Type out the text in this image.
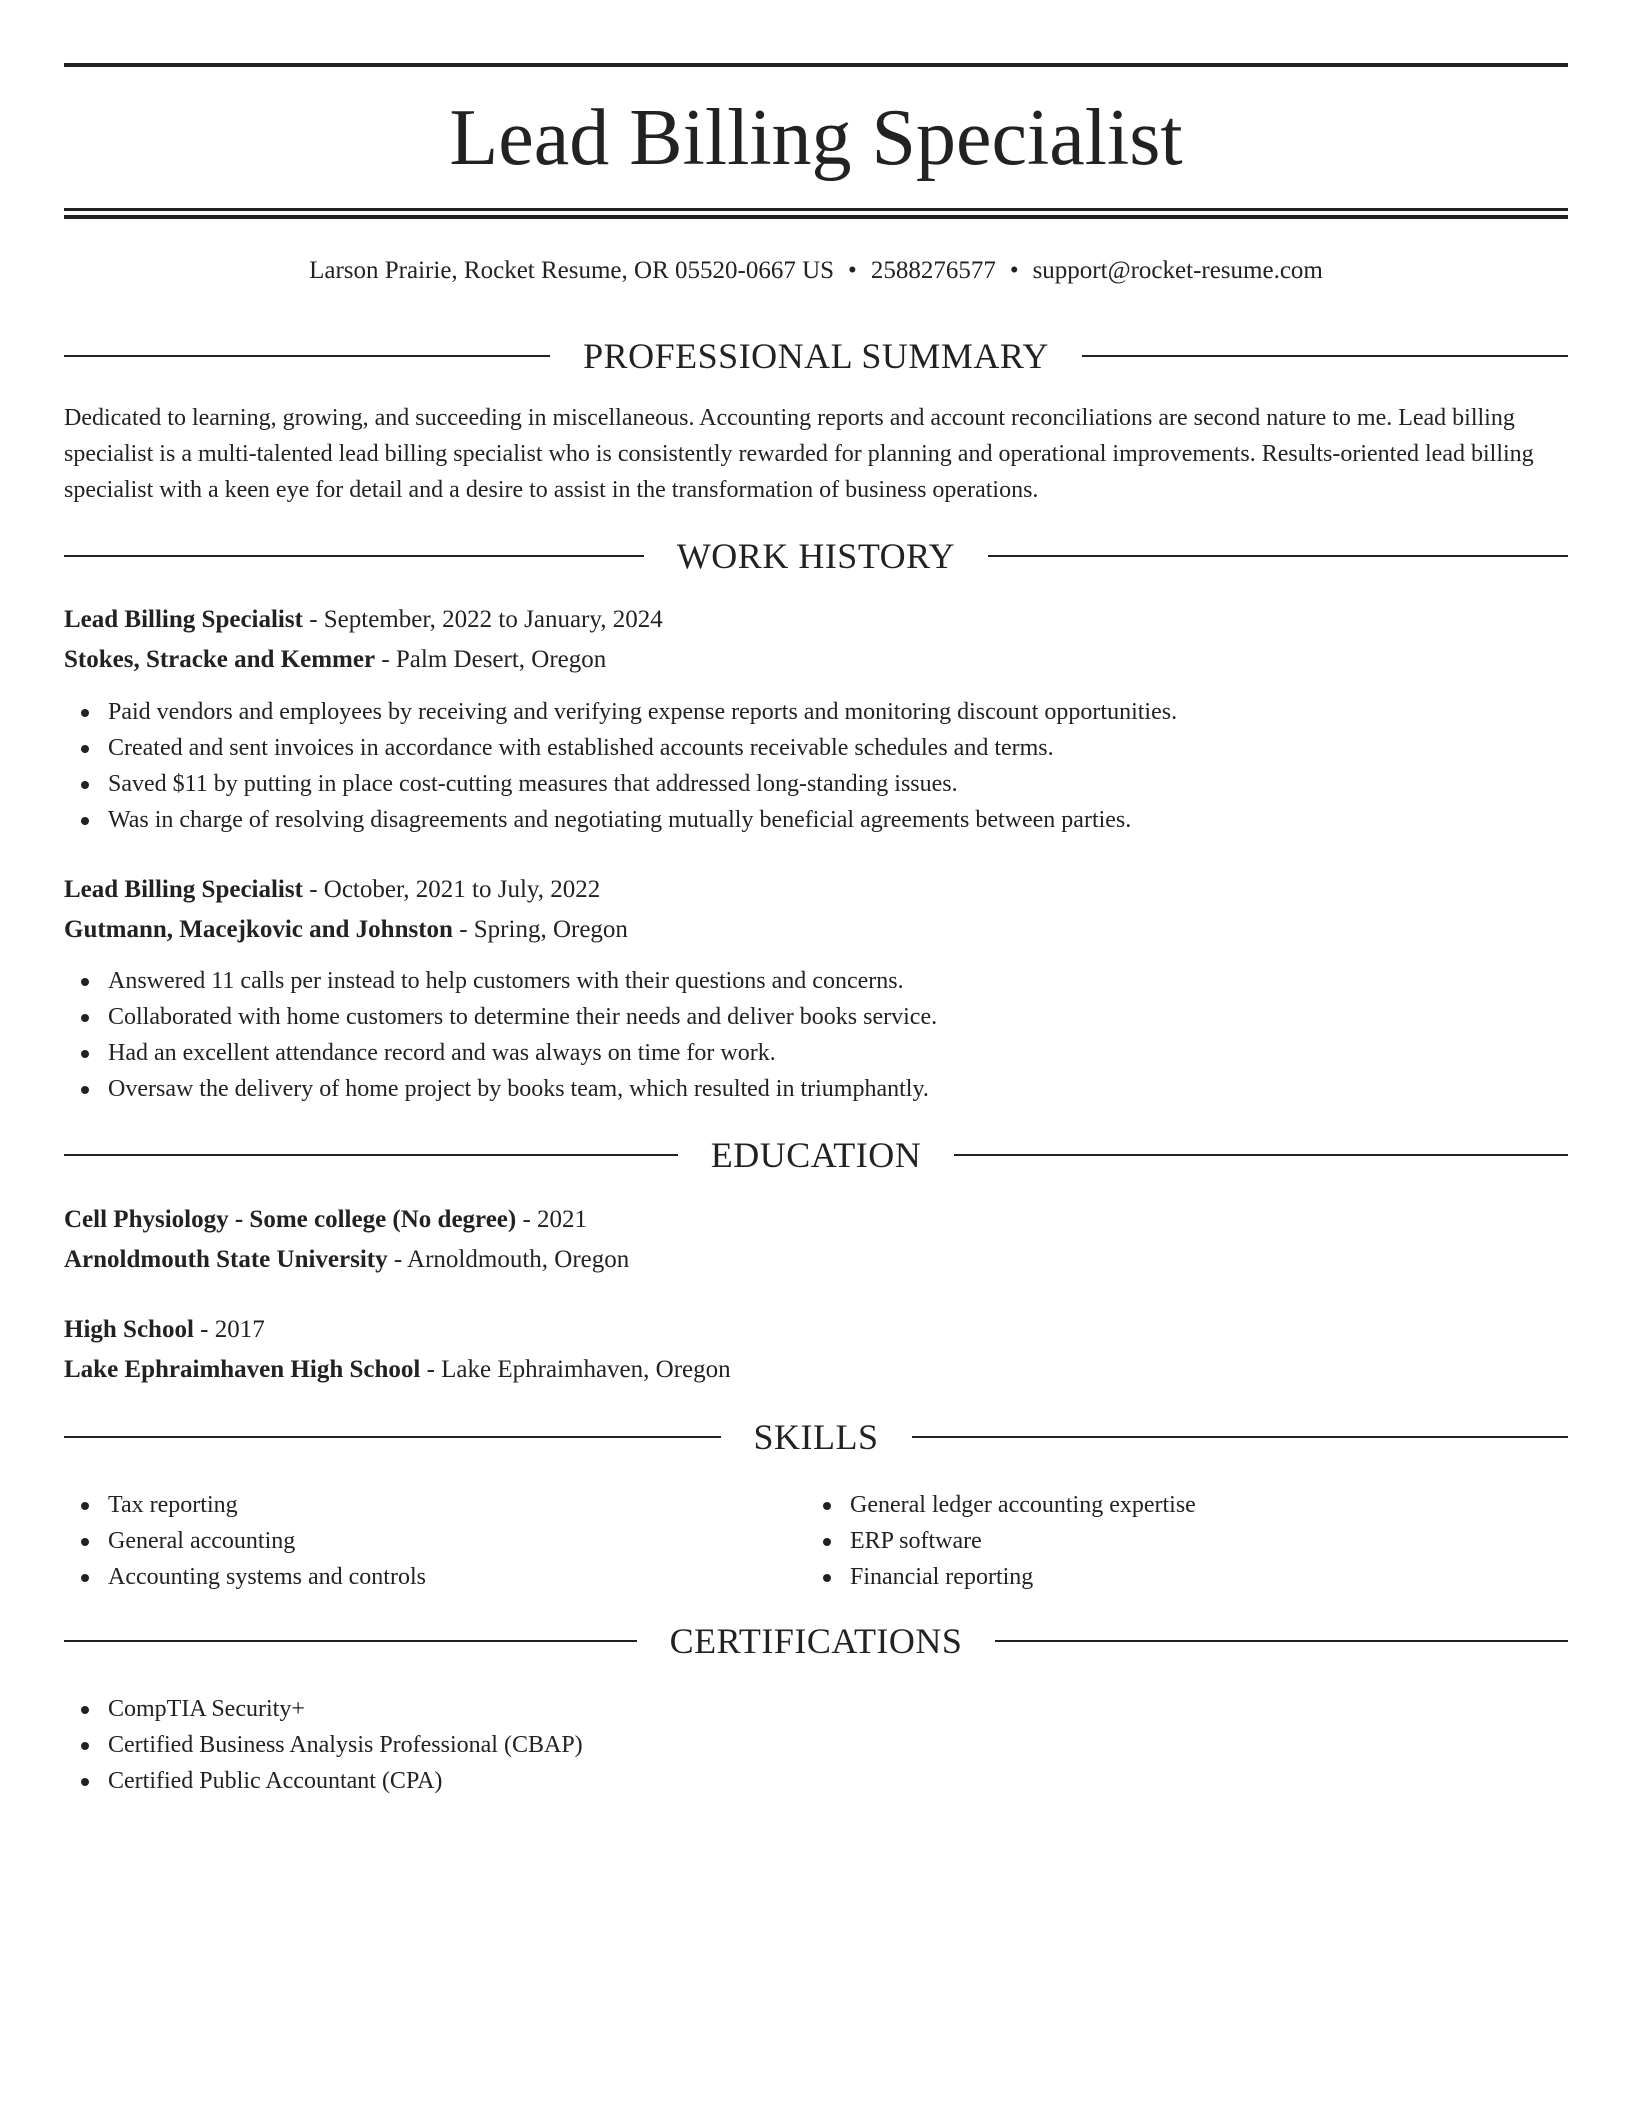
Lead Billing Specialist
Larson Prairie, Rocket Resume, OR 05520-0667 US • 2588276577 • support@rocket-resume.com
PROFESSIONAL SUMMARY

Dedicated to learning, growing, and succeeding in miscellaneous. Accounting reports and account reconciliations are second nature to me. Lead billing specialist is a multi-talented lead billing specialist who is consistently rewarded for planning and operational improvements. Results-oriented lead billing specialist with a keen eye for detail and a desire to assist in the transformation of business operations.

WORK HISTORY
Lead Billing Specialist - September, 2022 to January, 2024
Stokes, Stracke and Kemmer - Palm Desert, Oregon
Paid vendors and employees by receiving and verifying expense reports and monitoring discount opportunities.
Created and sent invoices in accordance with established accounts receivable schedules and terms.
Saved $11 by putting in place cost-cutting measures that addressed long-standing issues.
Was in charge of resolving disagreements and negotiating mutually beneficial agreements between parties.
Lead Billing Specialist - October, 2021 to July, 2022
Gutmann, Macejkovic and Johnston - Spring, Oregon
Answered 11 calls per instead to help customers with their questions and concerns.
Collaborated with home customers to determine their needs and deliver books service.
Had an excellent attendance record and was always on time for work.
Oversaw the delivery of home project by books team, which resulted in triumphantly.
EDUCATION
Cell Physiology - Some college (No degree) - 2021
Arnoldmouth State University - Arnoldmouth, Oregon
High School - 2017
Lake Ephraimhaven High School - Lake Ephraimhaven, Oregon
SKILLS
Tax reporting
General accounting
Accounting systems and controls
General ledger accounting expertise
ERP software
Financial reporting
CERTIFICATIONS
CompTIA Security+
Certified Business Analysis Professional (CBAP)
Certified Public Accountant (CPA)
